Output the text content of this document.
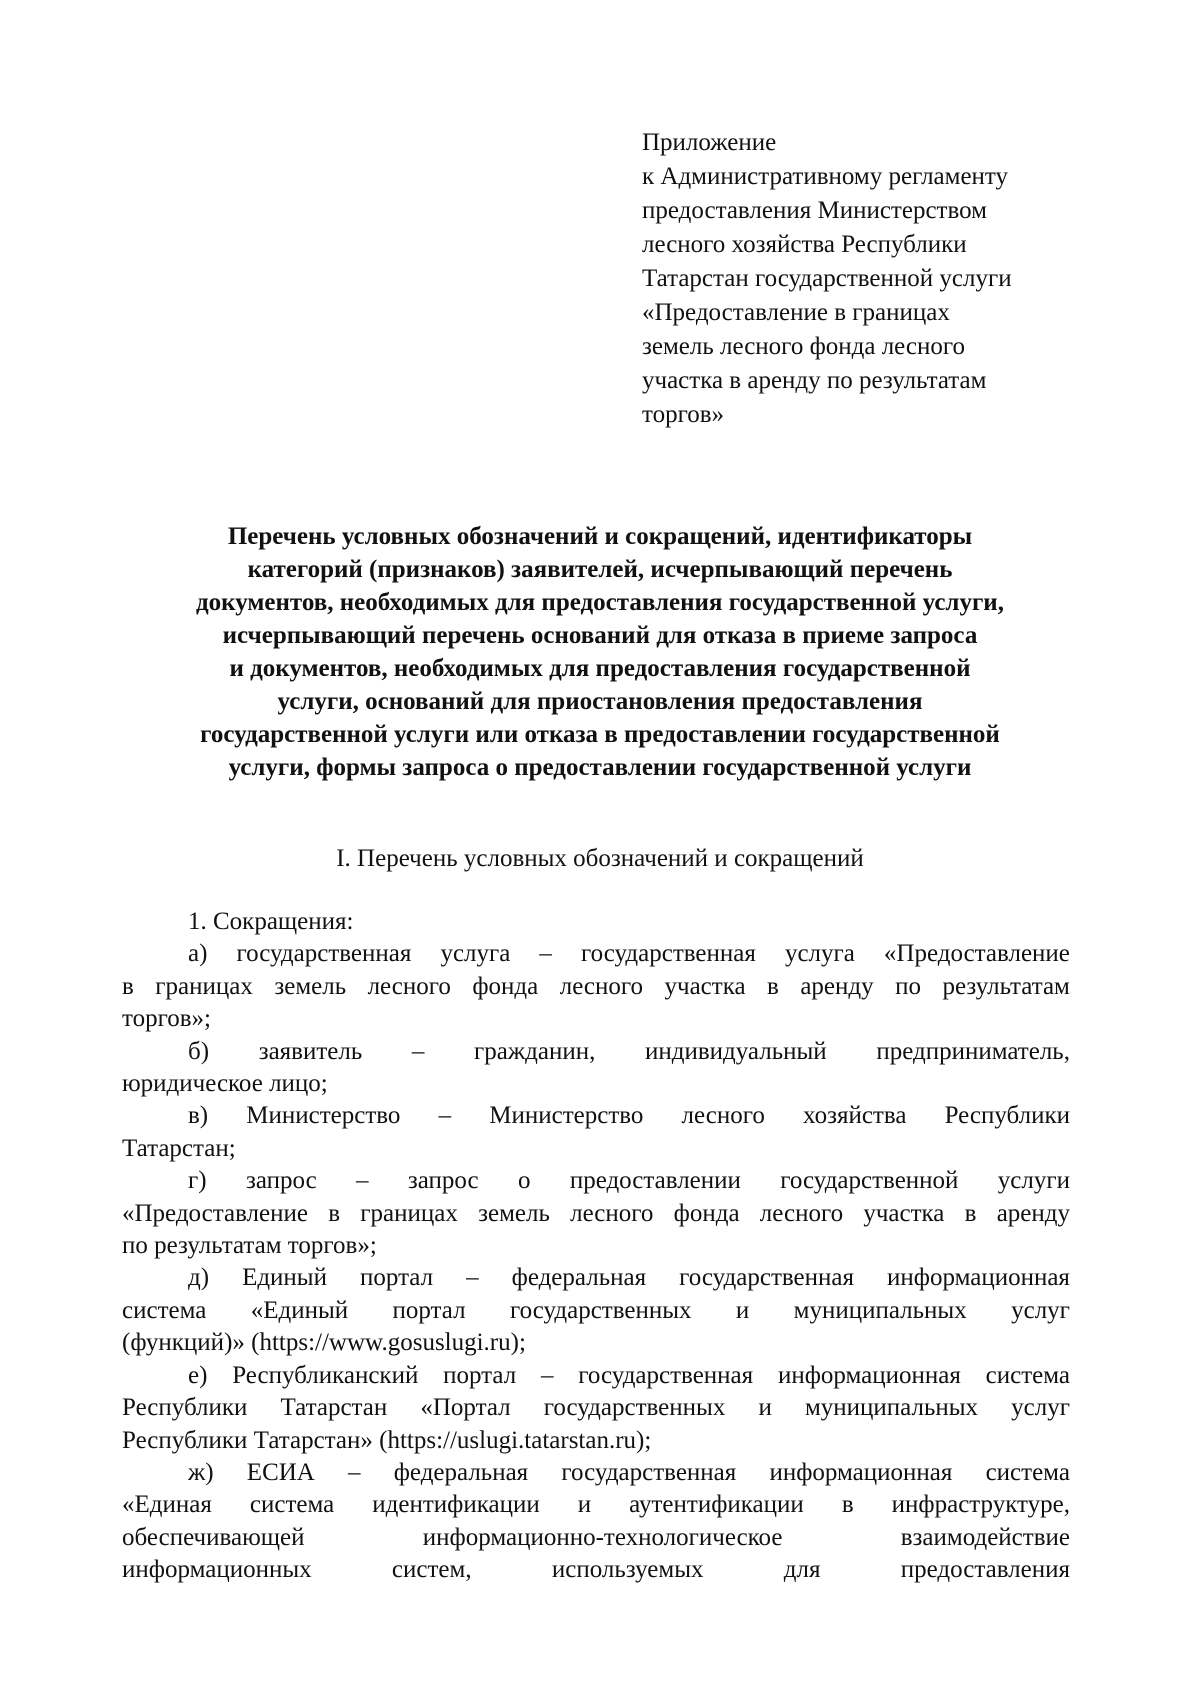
Приложение
к Административному регламенту
предоставления Министерством
лесного хозяйства Республики
Татарстан государственной услуги
«Предоставление в границах
земель лесного фонда лесного
участка в аренду по результатам
торгов»
Перечень условных обозначений и сокращений, идентификаторы
категорий (признаков) заявителей, исчерпывающий перечень
документов, необходимых для предоставления государственной услуги,
исчерпывающий перечень оснований для отказа в приеме запроса
и документов, необходимых для предоставления государственной
услуги, оснований для приостановления предоставления
государственной услуги или отказа в предоставлении государственной
услуги, формы запроса о предоставлении государственной услуги
I. Перечень условных обозначений и сокращений
1. Сокращения:
а) государственная услуга – государственная услуга «Предоставление
в границах земель лесного фонда лесного участка в аренду по результатам
торгов»;
б) заявитель – гражданин, индивидуальный предприниматель,
юридическое лицо;
в) Министерство – Министерство лесного хозяйства Республики
Татарстан;
г) запрос – запрос о предоставлении государственной услуги
«Предоставление в границах земель лесного фонда лесного участка в аренду
по результатам торгов»;
д) Единый портал – федеральная государственная информационная
система «Единый портал государственных и муниципальных услуг
(функций)» (https://www.gosuslugi.ru);
е) Республиканский портал – государственная информационная система
Республики Татарстан «Портал государственных и муниципальных услуг
Республики Татарстан» (https://uslugi.tatarstan.ru);
ж) ЕСИА – федеральная государственная информационная система
«Единая система идентификации и аутентификации в инфраструктуре,
обеспечивающей	информационно-технологическое	взаимодействие
информационных	систем,	используемых	для	предоставления
